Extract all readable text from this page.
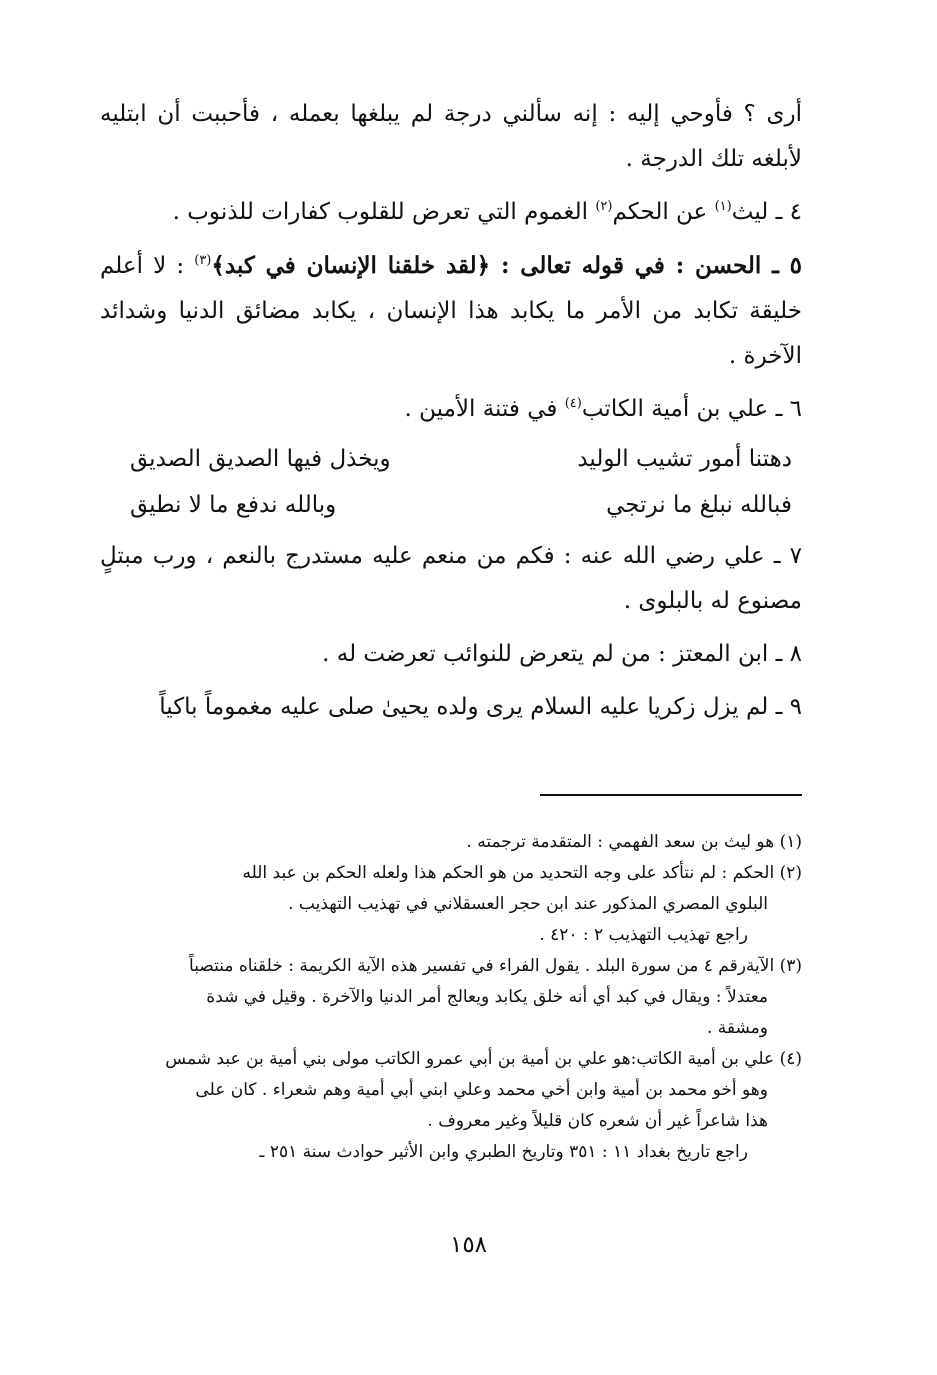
أرى ؟ فأوحي إليه : إنه سألني درجة لم يبلغها بعمله ، فأحببت أن ابتليه لأبلغه تلك الدرجة .

٤ ـ ليث$^{(١)}$ عن الحكم$^{(٢)}$ الغموم التي تعرض للقلوب كفارات للذنوب .

٥ ـ الحسن : في قوله تعالى : ﴿لقد خلقنا الإنسان في كبد﴾$^{(٣)}$ : لا أعلم خليقة تكابد من الأمر ما يكابد هذا الإنسان ، يكابد مضائق الدنيا وشدائد الآخرة .

٦ ـ علي بن أمية الكاتب$^{(٤)}$ في فتنة الأمين .

دهتنا أمور تشيب الوليد
ويخذل فيها الصديق الصديق
فبالله نبلغ ما نرتجي
وبالله ندفع ما لا نطيق

٧ ـ علي رضي الله عنه : فكم من منعم عليه مستدرج بالنعم ، ورب مبتلٍ مصنوع له بالبلوى .

٨ ـ ابن المعتز : من لم يتعرض للنوائب تعرضت له .

٩ ـ لم يزل زكريا عليه السلام يرى ولده يحيىٰ صلى عليه مغموماً باكياً

(١) هو ليث بن سعد الفهمي : المتقدمة ترجمته .
(٢) الحكم : لم نتأكد على وجه التحديد من هو الحكم هذا ولعله الحكم بن عبد الله
البلوي المصري المذكور عند ابن حجر العسقلاني في تهذيب التهذيب .
راجع تهذيب التهذيب ٢ : ٤٢٠ .
(٣) الآيةرقم ٤ من سورة البلد . يقول الفراء في تفسير هذه الآية الكريمة : خلقناه منتصباً
معتدلاً : ويقال في كبد أي أنه خلق يكابد ويعالج أمر الدنيا والآخرة . وقيل في شدة
ومشقة .
(٤) علي بن أمية الكاتب:هو علي بن أمية بن أبي عمرو الكاتب مولى بني أمية بن عبد شمس
وهو أخو محمد بن أمية وابن أخي محمد وعلي ابني أبي أمية وهم شعراء . كان على
هذا شاعراً غير أن شعره كان قليلاً وغير معروف .
راجع تاريخ بغداد ١١ : ٣٥١ وتاريخ الطبري وابن الأثير حوادث سنة ٢٥١ ـ
١٥٨
